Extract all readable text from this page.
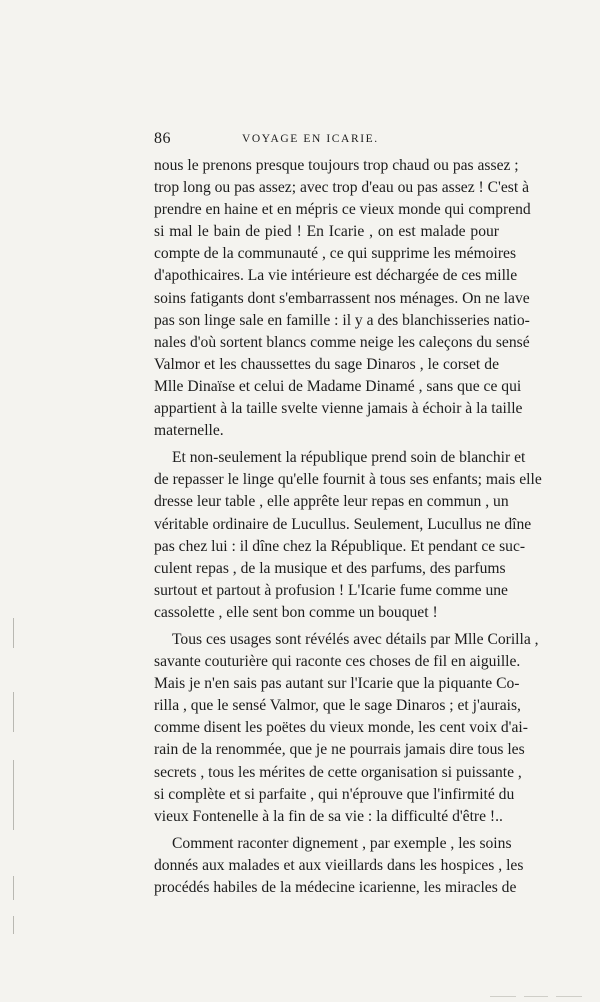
86	VOYAGE EN ICARIE.
nous le prenons presque toujours trop chaud ou pas assez ;
trop long ou pas assez; avec trop d'eau ou pas assez ! C'est à
prendre en haine et en mépris ce vieux monde qui comprend
si mal le bain de pied ! En Icarie , on est malade pour
compte de la communauté , ce qui supprime les mémoires
d'apothicaires. La vie intérieure est déchargée de ces mille
soins fatigants dont s'embarrassent nos ménages. On ne lave
pas son linge sale en famille : il y a des blanchisseries natio-
nales d'où sortent blancs comme neige les caleçons du sensé
Valmor et les chaussettes du sage Dinaros , le corset de
Mlle Dinaïse et celui de Madame Dinamé , sans que ce qui
appartient à la taille svelte vienne jamais à échoir à la taille
maternelle.
Et non-seulement la république prend soin de blanchir et
de repasser le linge qu'elle fournit à tous ses enfants; mais elle
dresse leur table , elle apprête leur repas en commun , un
véritable ordinaire de Lucullus. Seulement, Lucullus ne dîne
pas chez lui : il dîne chez la République. Et pendant ce suc-
culent repas , de la musique et des parfums, des parfums
surtout et partout à profusion ! L'Icarie fume comme une
cassolette , elle sent bon comme un bouquet !
Tous ces usages sont révélés avec détails par Mlle Corilla ,
savante couturière qui raconte ces choses de fil en aiguille.
Mais je n'en sais pas autant sur l'Icarie que la piquante Co-
rilla , que le sensé Valmor, que le sage Dinaros ; et j'aurais,
comme disent les poëtes du vieux monde, les cent voix d'ai-
rain de la renommée, que je ne pourrais jamais dire tous les
secrets , tous les mérites de cette organisation si puissante ,
si complète et si parfaite , qui n'éprouve que l'infirmité du
vieux Fontenelle à la fin de sa vie : la difficulté d'être !..
Comment raconter dignement , par exemple , les soins
donnés aux malades et aux vieillards dans les hospices , les
procédés habiles de la médecine icarienne, les miracles de
